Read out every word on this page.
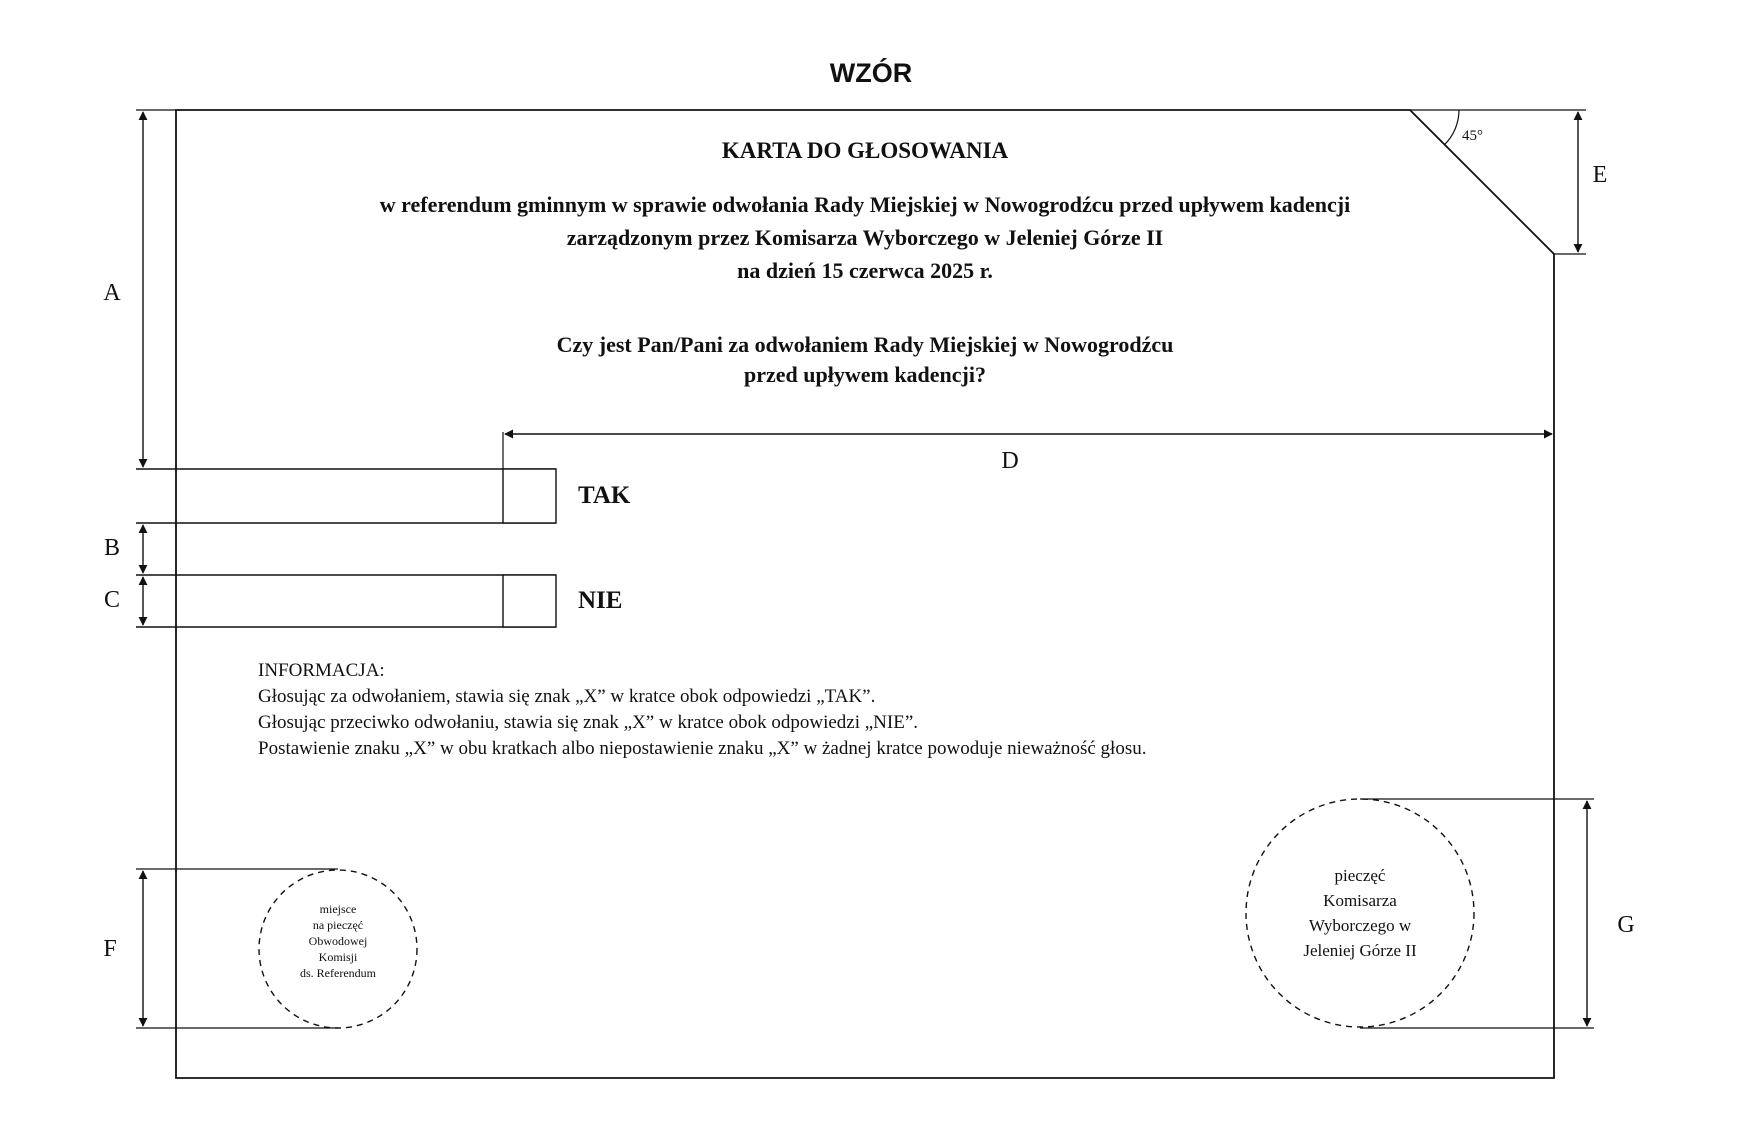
WZÓR
45°
KARTA DO GŁOSOWANIA
w referendum gminnym w sprawie odwołania Rady Miejskiej w Nowogrodźcu przed upływem kadencji
zarządzonym przez Komisarza Wyborczego w Jeleniej Górze II
na dzień 15 czerwca 2025 r.
Czy jest Pan/Pani za odwołaniem Rady Miejskiej w Nowogrodźcu
przed upływem kadencji?
A
D
E
TAK
B
NIE
C
INFORMACJA:
Głosując za odwołaniem, stawia się znak „X” w kratce obok odpowiedzi „TAK”.
Głosując przeciwko odwołaniu, stawia się znak „X” w kratce obok odpowiedzi „NIE”.
Postawienie znaku „X” w obu kratkach albo niepostawienie znaku „X” w żadnej kratce powoduje nieważność głosu.
miejsce
na pieczęć
Obwodowej
Komisji
ds. Referendum
F
pieczęć
Komisarza
Wyborczego w
Jeleniej Górze II
G
